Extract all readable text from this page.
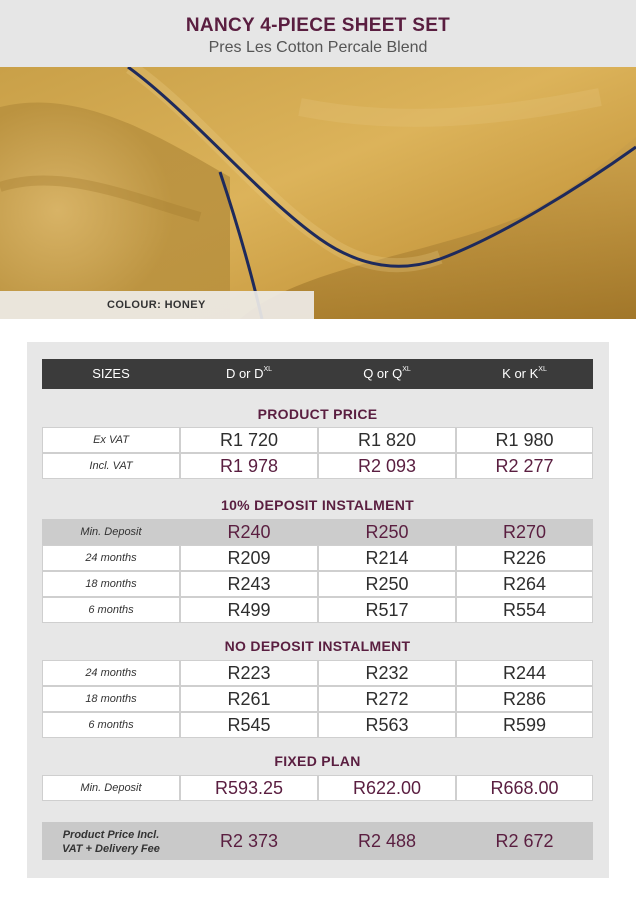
NANCY 4-PIECE SHEET SET
Pres Les Cotton Percale Blend
COLOUR: HONEY
SIZES	D or $D^{XL}$	Q or $Q^{XL}$	K or $K^{XL}$
PRODUCT PRICE
Ex VAT	R1 720	R1 820	R1 980
Incl. VAT	R1 978	R2 093	R2 277
10% DEPOSIT INSTALMENT
Min. Deposit	R240	R250	R270
24 months	R209	R214	R226
18 months	R243	R250	R264
6 months	R499	R517	R554
NO DEPOSIT INSTALMENT
24 months	R223	R232	R244
18 months	R261	R272	R286
6 months	R545	R563	R599
FIXED PLAN
Min. Deposit	R593.25	R622.00	R668.00
Product Price Incl.
VAT + Delivery Fee	R2 373	R2 488	R2 672
